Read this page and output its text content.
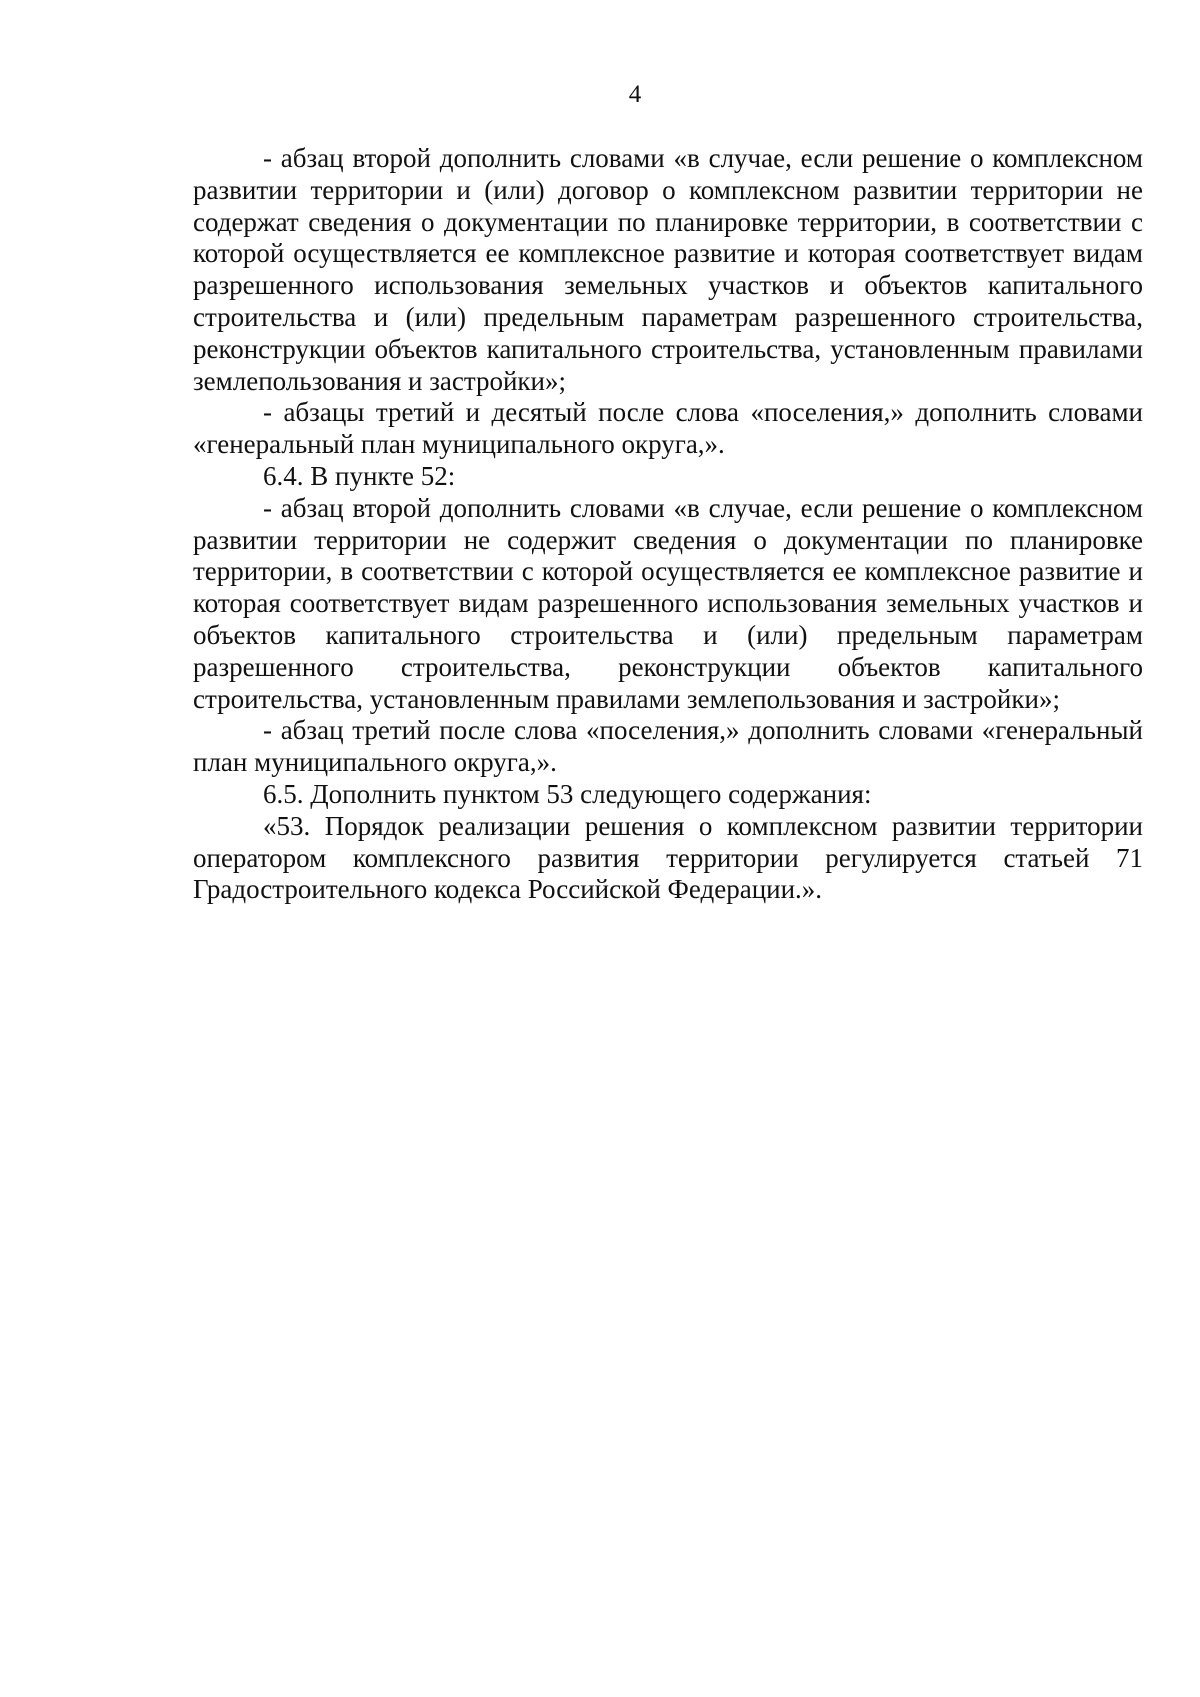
4

- абзац второй дополнить словами «в случае, если решение о комплексном развитии территории и (или) договор о комплексном развитии территории не содержат сведения о документации по планировке территории, в соответствии с которой осуществляется ее комплексное развитие и которая соответствует видам разрешенного использования земельных участков и объектов капитального строительства и (или) предельным параметрам разрешенного строительства, реконструкции объектов капитального строительства, установленным правилами землепользования и застройки»;

- абзацы третий и десятый после слова «поселения,» дополнить словами «генеральный план муниципального округа,».

6.4. В пункте 52:

- абзац второй дополнить словами «в случае, если решение о комплексном развитии территории не содержит сведения о документации по планировке территории, в соответствии с которой осуществляется ее комплексное развитие и которая соответствует видам разрешенного использования земельных участков и объектов капитального строительства и (или) предельным параметрам разрешенного строительства, реконструкции объектов капитального строительства, установленным правилами землепользования и застройки»;

- абзац третий после слова «поселения,» дополнить словами «генеральный план муниципального округа,».

6.5. Дополнить пунктом 53 следующего содержания:

«53. Порядок реализации решения о комплексном развитии территории оператором комплексного развития территории регулируется статьей 71 Градостроительного кодекса Российской Федерации.».
